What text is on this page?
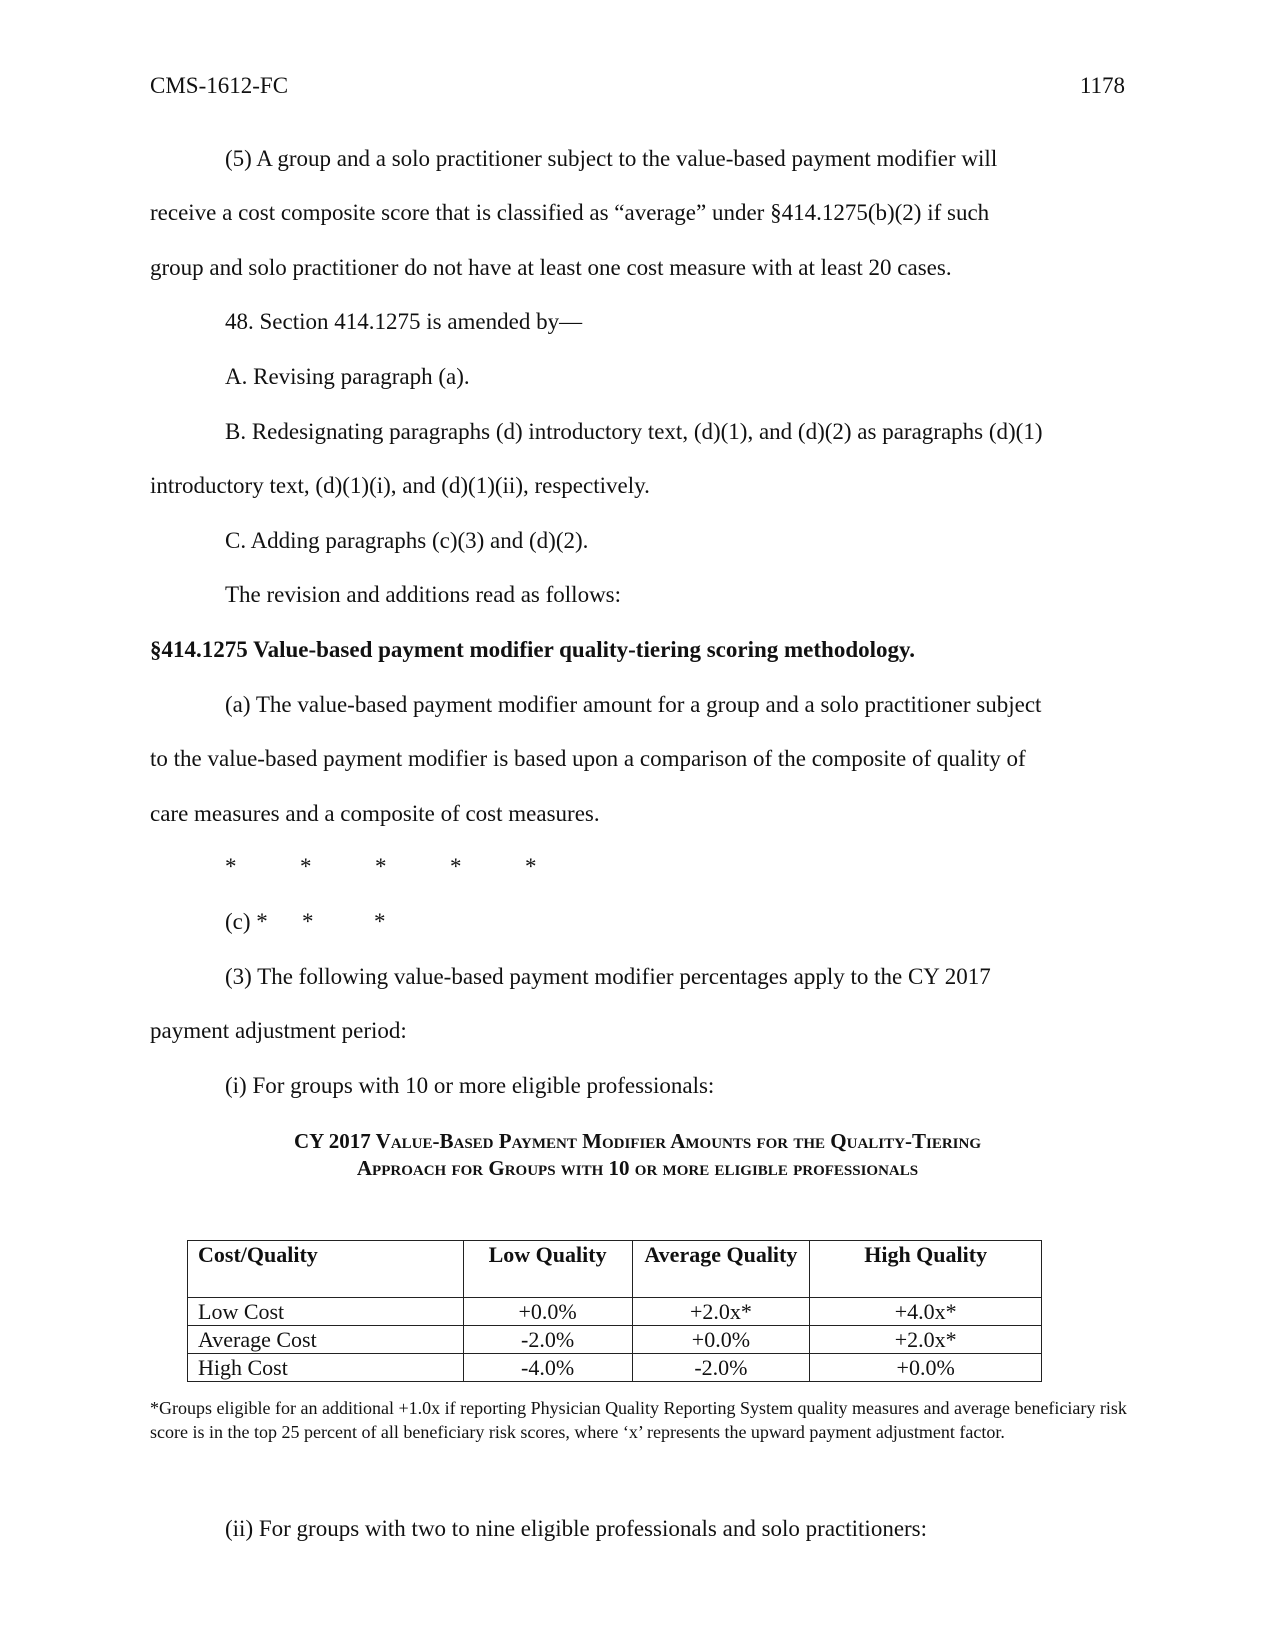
CMS-1612-FC	1178
(5) A group and a solo practitioner subject to the value-based payment modifier will
receive a cost composite score that is classified as “average” under §414.1275(b)(2) if such
group and solo practitioner do not have at least one cost measure with at least 20 cases.
48. Section 414.1275 is amended by—
A. Revising paragraph (a).
B. Redesignating paragraphs (d) introductory text, (d)(1), and (d)(2) as paragraphs (d)(1)
introductory text, (d)(1)(i), and (d)(1)(ii), respectively.
C. Adding paragraphs (c)(3) and (d)(2).
The revision and additions read as follows:
§414.1275 Value-based payment modifier quality-tiering scoring methodology.
(a) The value-based payment modifier amount for a group and a solo practitioner subject
to the value-based payment modifier is based upon a comparison of the composite of quality of
care measures and a composite of cost measures.
*	*	*	*	*
(c) * *	*
(3) The following value-based payment modifier percentages apply to the CY 2017
payment adjustment period:
(i) For groups with 10 or more eligible professionals:
CY 2017 Value-Based Payment Modifier Amounts for the Quality-Tiering
Approach for Groups with 10 or more eligible professionals
Cost/Quality	Low Quality	Average Quality	High Quality
Low Cost	+0.0%	+2.0x*	+4.0x*
Average Cost	-2.0%	+0.0%	+2.0x*
High Cost	-4.0%	-2.0%	+0.0%
*Groups eligible for an additional +1.0x if reporting Physician Quality Reporting System quality measures and average beneficiary risk score is in the top 25 percent of all beneficiary risk scores, where ‘x’ represents the upward payment adjustment factor.
(ii) For groups with two to nine eligible professionals and solo practitioners:
